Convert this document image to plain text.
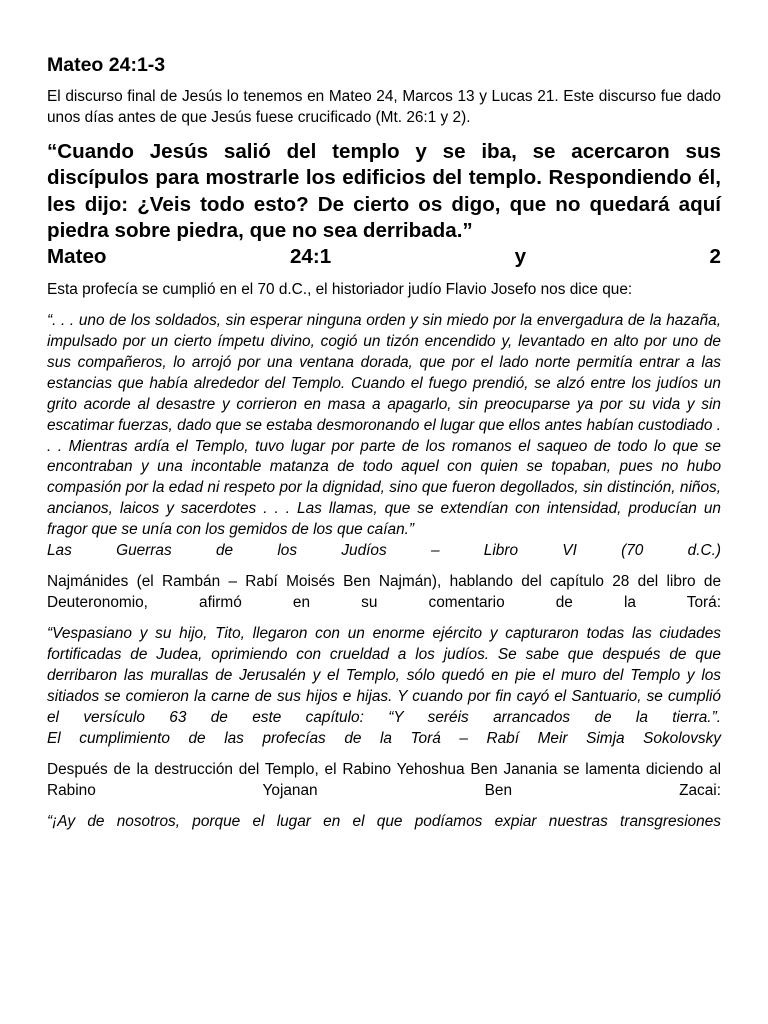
Mateo 24:1-3

El discurso final de Jesús lo tenemos en Mateo 24, Marcos 13 y Lucas 21. Este discurso fue dado unos días antes de que Jesús fuese crucificado (Mt. 26:1 y 2).

“Cuando Jesús salió del templo y se iba, se acercaron sus discípulos para mostrarle los edificios del templo. Respondiendo él, les dijo: ¿Veis todo esto? De cierto os digo, que no quedará aquí piedra sobre piedra, que no sea derribada.”

Mateo 24:1 y 2

Esta profecía se cumplió en el 70 d.C., el historiador judío Flavio Josefo nos dice que:

“. . . uno de los soldados, sin esperar ninguna orden y sin miedo por la envergadura de la hazaña, impulsado por un cierto ímpetu divino, cogió un tizón encendido y, levantado en alto por uno de sus compañeros, lo arrojó por una ventana dorada, que por el lado norte permitía entrar a las estancias que había alrededor del Templo. Cuando el fuego prendió, se alzó entre los judíos un grito acorde al desastre y corrieron en masa a apagarlo, sin preocuparse ya por su vida y sin escatimar fuerzas, dado que se estaba desmoronando el lugar que ellos antes habían custodiado . . . Mientras ardía el Templo, tuvo lugar por parte de los romanos el saqueo de todo lo que se encontraban y una incontable matanza de todo aquel con quien se topaban, pues no hubo compasión por la edad ni respeto por la dignidad, sino que fueron degollados, sin distinción, niños, ancianos, laicos y sacerdotes . . . Las llamas, que se extendían con intensidad, producían un fragor que se unía con los gemidos de los que caían.”

Las Guerras de los Judíos – Libro VI (70 d.C.)

Najmánides (el Rambán – Rabí Moisés Ben Najmán), hablando del capítulo 28 del libro de Deuteronomio, afirmó en su comentario de la Torá:

“Vespasiano y su hijo, Tito, llegaron con un enorme ejército y capturaron todas las ciudades fortificadas de Judea, oprimiendo con crueldad a los judíos. Se sabe que después de que derribaron las murallas de Jerusalén y el Templo, sólo quedó en pie el muro del Templo y los sitiados se comieron la carne de sus hijos e hijas. Y cuando por fin cayó el Santuario, se cumplió el versículo 63 de este capítulo: “Y seréis arrancados de la tierra.”.

El cumplimiento de las profecías de la Torá – Rabí Meir Simja Sokolovsky

Después de la destrucción del Templo, el Rabino Yehoshua Ben Janania se lamenta diciendo al Rabino Yojanan Ben Zacai:

“¡Ay de nosotros, porque el lugar en el que podíamos expiar nuestras transgresiones
